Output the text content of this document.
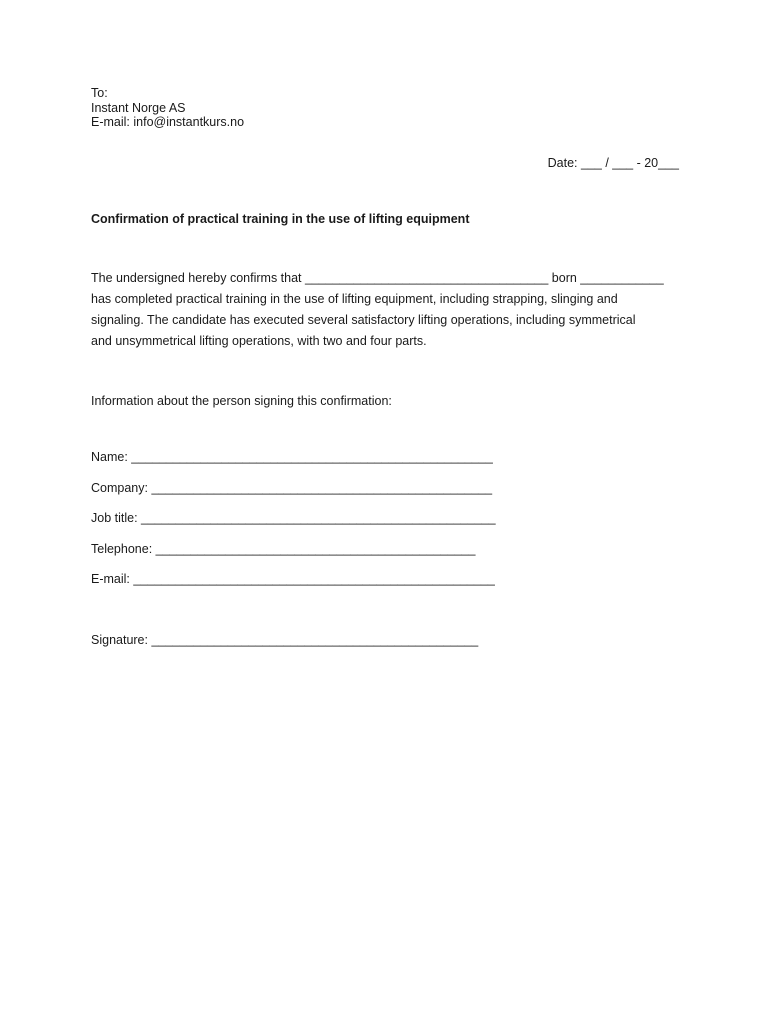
To:
Instant Norge AS
E-mail: info@instantkurs.no
Date: ___ / ___ - 20___
Confirmation of practical training in the use of lifting equipment
The undersigned hereby confirms that ___________________________________ born ____________
has completed practical training in the use of lifting equipment, including strapping, slinging and
signaling. The candidate has executed several satisfactory lifting operations, including symmetrical
and unsymmetrical lifting operations, with two and four parts.
Information about the person signing this confirmation:
Name: ____________________________________________________
Company: _________________________________________________
Job title: ___________________________________________________
Telephone: ______________________________________________
E-mail: ____________________________________________________
Signature: _______________________________________________
